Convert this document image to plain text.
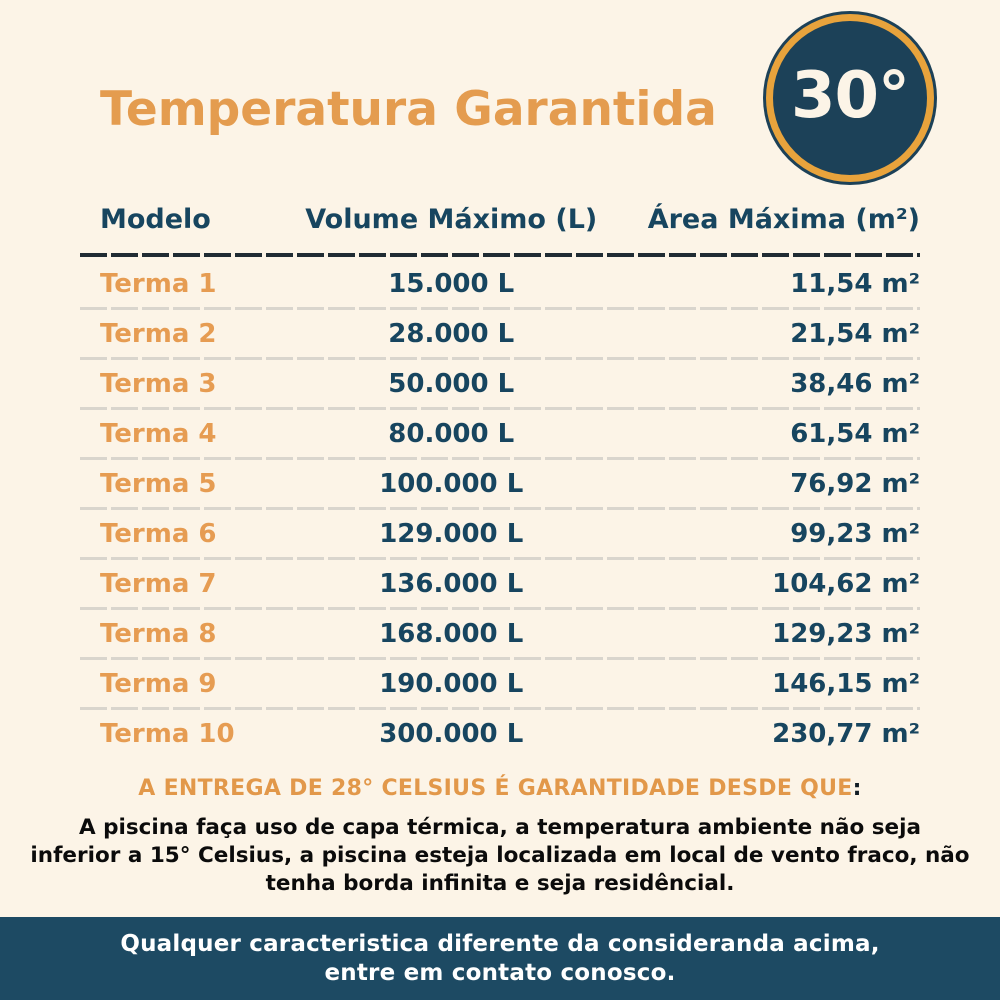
Temperatura Garantida 30°
Modelo	Volume Máximo (L)	Área Máxima (m²)
Terma 1	15.000 L	11,54 m²
Terma 2	28.000 L	21,54 m²
Terma 3	50.000 L	38,46 m²
Terma 4	80.000 L	61,54 m²
Terma 5	100.000 L	76,92 m²
Terma 6	129.000 L	99,23 m²
Terma 7	136.000 L	104,62 m²
Terma 8	168.000 L	129,23 m²
Terma 9	190.000 L	146,15 m²
Terma 10	300.000 L	230,77 m²
A ENTREGA DE 28° CELSIUS É GARANTIDADE DESDE QUE:
A piscina faça uso de capa térmica, a temperatura ambiente não seja
inferior a 15° Celsius, a piscina esteja localizada em local de vento fraco, não
tenha borda infinita e seja residêncial.
Qualquer caracteristica diferente da consideranda acima,
entre em contato conosco.
